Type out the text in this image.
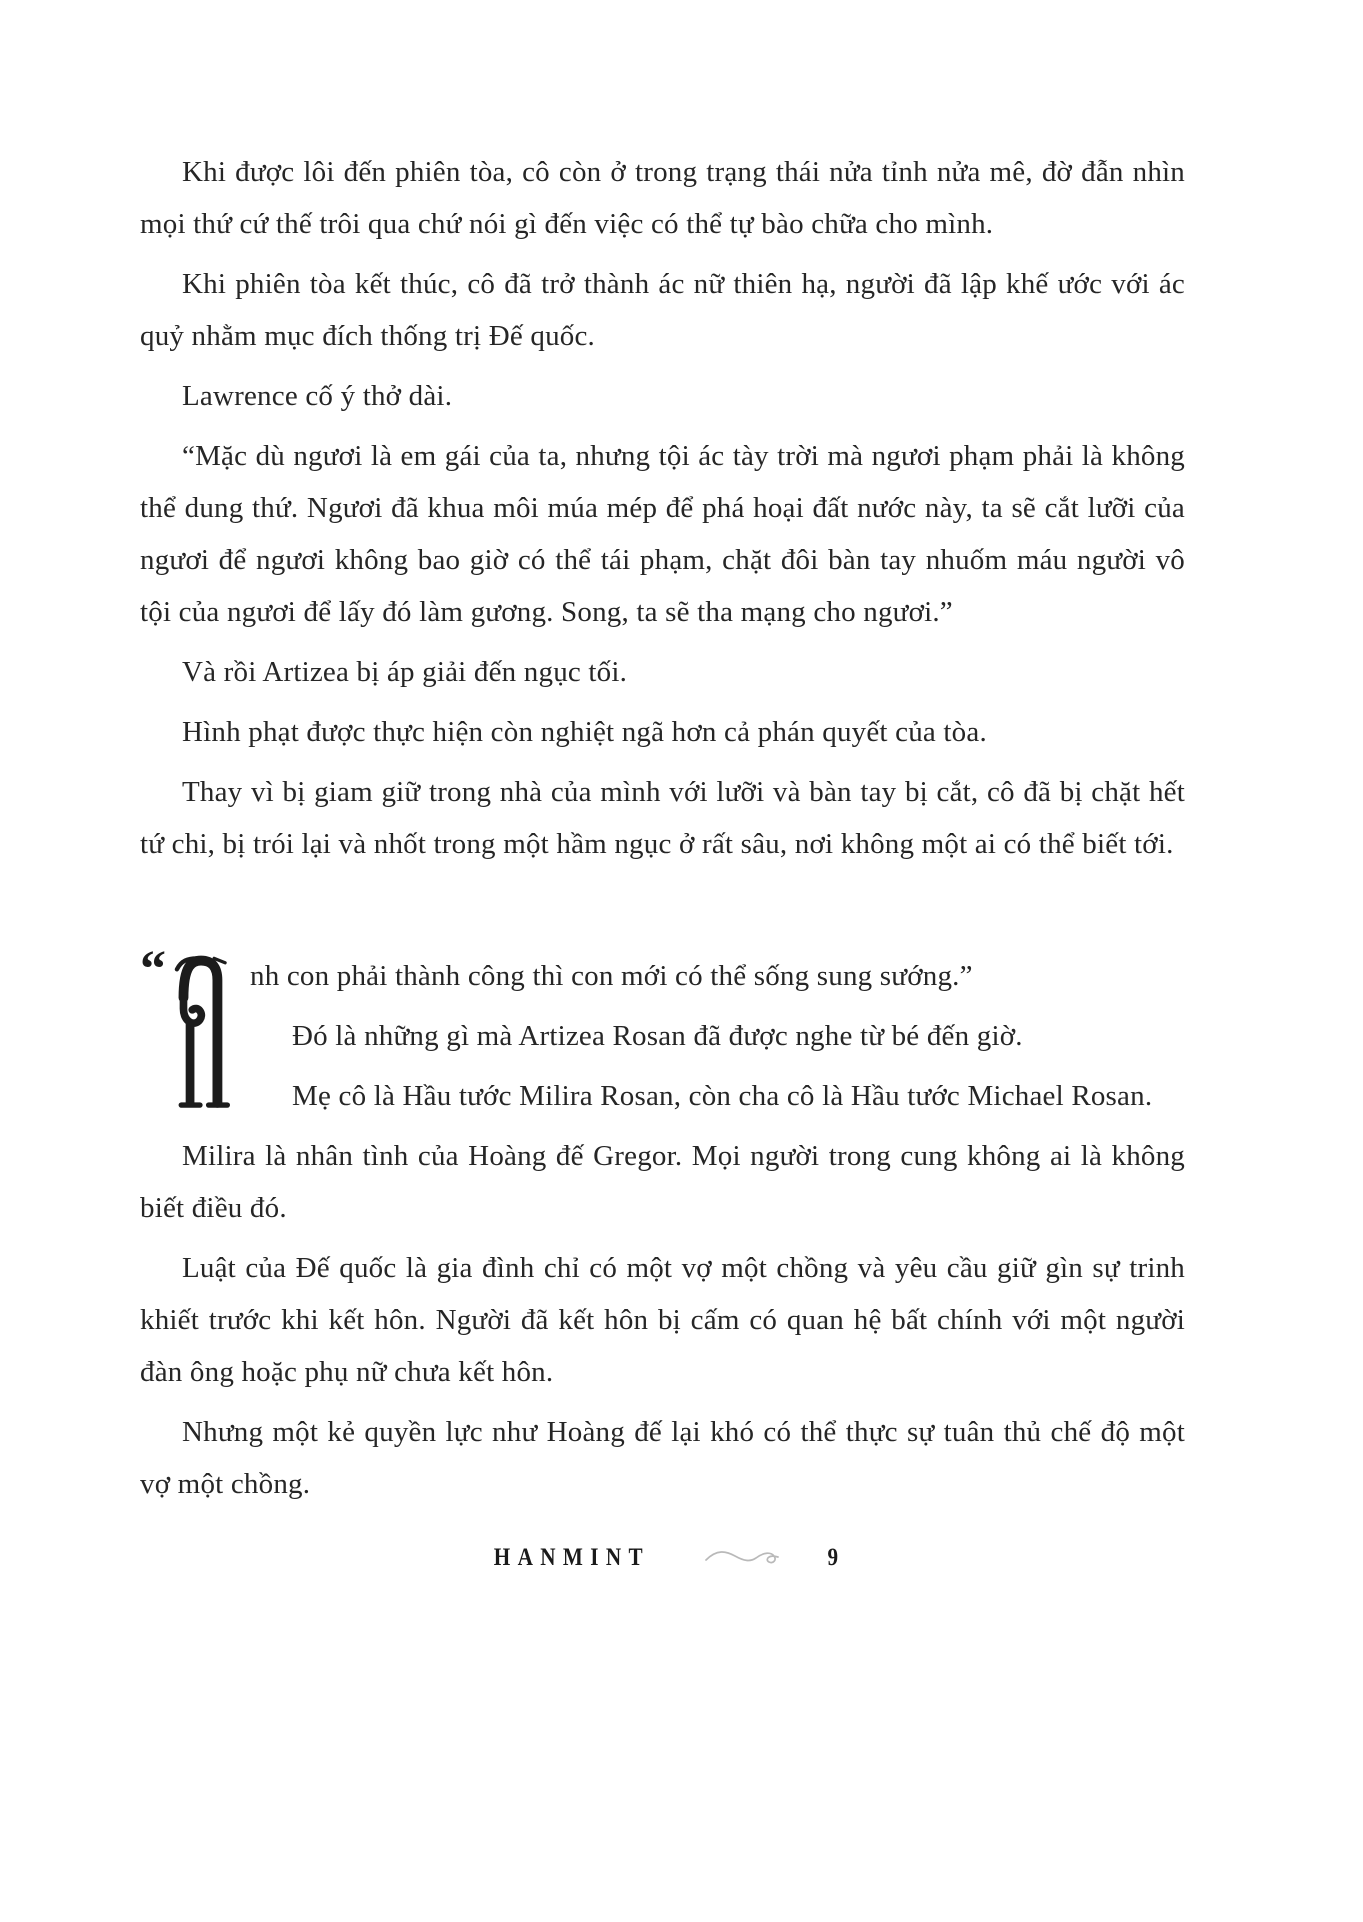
Khi được lôi đến phiên tòa, cô còn ở trong trạng thái nửa tỉnh nửa mê, đờ đẫn nhìn mọi thứ cứ thế trôi qua chứ nói gì đến việc có thể tự bào chữa cho mình.

Khi phiên tòa kết thúc, cô đã trở thành ác nữ thiên hạ, người đã lập khế ước với ác quỷ nhằm mục đích thống trị Đế quốc.

Lawrence cố ý thở dài.

“Mặc dù ngươi là em gái của ta, nhưng tội ác tày trời mà ngươi phạm phải là không thể dung thứ. Ngươi đã khua môi múa mép để phá hoại đất nước này, ta sẽ cắt lưỡi của ngươi để ngươi không bao giờ có thể tái phạm, chặt đôi bàn tay nhuốm máu người vô tội của ngươi để lấy đó làm gương. Song, ta sẽ tha mạng cho ngươi.”

Và rồi Artizea bị áp giải đến ngục tối.

Hình phạt được thực hiện còn nghiệt ngã hơn cả phán quyết của tòa.

Thay vì bị giam giữ trong nhà của mình với lưỡi và bàn tay bị cắt, cô đã bị chặt hết tứ chi, bị trói lại và nhốt trong một hầm ngục ở rất sâu, nơi không một ai có thể biết tới.

“	nh con phải thành công thì con mới có thể sống sung sướng.”

Đó là những gì mà Artizea Rosan đã được nghe từ bé đến giờ.

Mẹ cô là Hầu tước Milira Rosan, còn cha cô là Hầu tước Michael Rosan.

Milira là nhân tình của Hoàng đế Gregor. Mọi người trong cung không ai là không biết điều đó.

Luật của Đế quốc là gia đình chỉ có một vợ một chồng và yêu cầu giữ gìn sự trinh khiết trước khi kết hôn. Người đã kết hôn bị cấm có quan hệ bất chính với một người đàn ông hoặc phụ nữ chưa kết hôn.

Nhưng một kẻ quyền lực như Hoàng đế lại khó có thể thực sự tuân thủ chế độ một vợ một chồng.

HANMINT	9
